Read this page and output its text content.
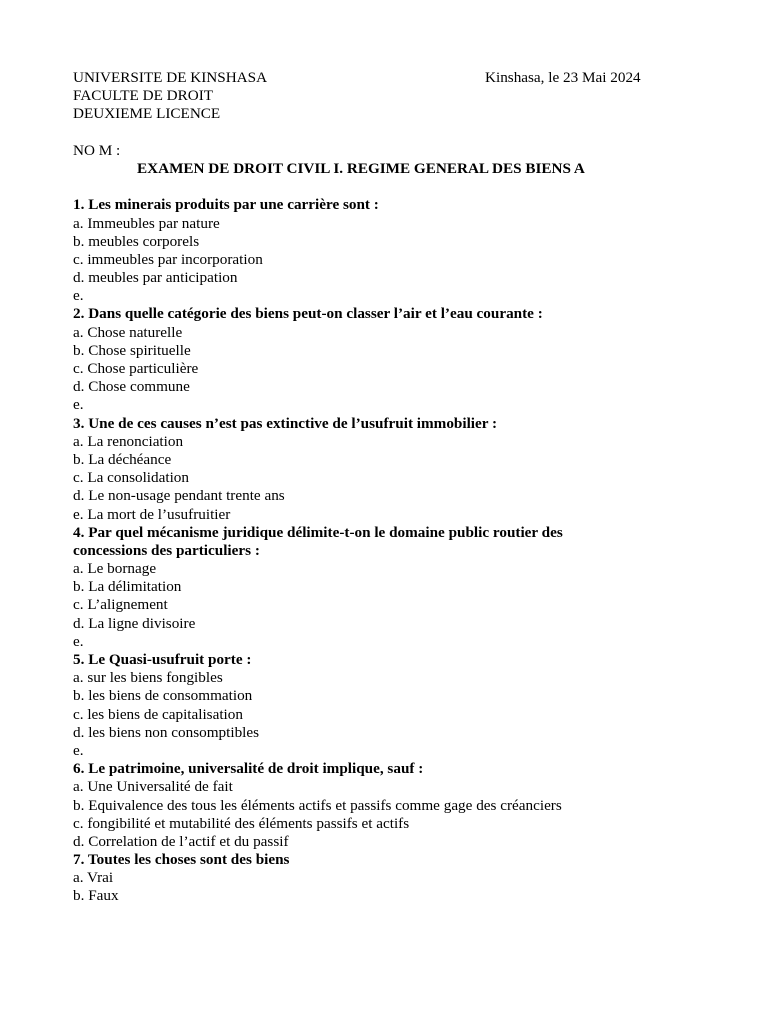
UNIVERSITE DE KINSHASA	Kinshasa, le 23 Mai 2024
FACULTE DE DROIT
DEUXIEME LICENCE
NO M :
EXAMEN DE DROIT CIVIL I. REGIME GENERAL DES BIENS A
1. Les minerais produits par une carrière sont :
a. Immeubles par nature
b. meubles corporels
c. immeubles par incorporation
d. meubles par anticipation
e.
2. Dans quelle catégorie des biens peut-on classer l’air et l’eau courante :
a. Chose naturelle
b. Chose spirituelle
c. Chose particulière
d. Chose commune
e.
3. Une de ces causes n’est pas extinctive de l’usufruit immobilier :
a. La renonciation
b. La déchéance
c. La consolidation
d. Le non-usage pendant trente ans
e. La mort de l’usufruitier
4. Par quel mécanisme juridique délimite-t-on le domaine public routier des
concessions des particuliers :
a. Le bornage
b. La délimitation
c. L’alignement
d. La ligne divisoire
e.
5. Le Quasi-usufruit porte :
a. sur les biens fongibles
b. les biens de consommation
c. les biens de capitalisation
d. les biens non consomptibles
e.
6. Le patrimoine, universalité de droit implique, sauf :
a. Une Universalité de fait
b. Equivalence des tous les éléments actifs et passifs comme gage des créanciers
c. fongibilité et mutabilité des éléments passifs et actifs
d. Correlation de l’actif et du passif
7. Toutes les choses sont des biens
a. Vrai
b. Faux
